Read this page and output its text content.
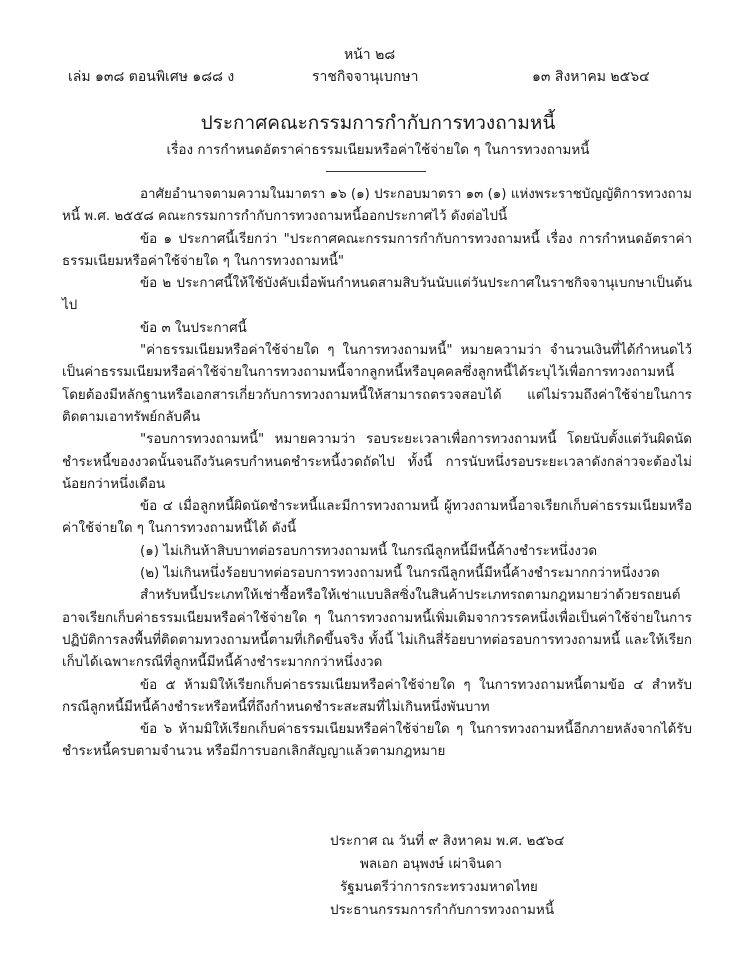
หน้า ๒๘
เล่ม ๑๓๘ ตอนพิเศษ ๑๘๘ ง	ราชกิจจานุเบกษา	๑๓ สิงหาคม ๒๕๖๔
ประกาศคณะกรรมการกำกับการทวงถามหนี้
เรื่อง การกำหนดอัตราค่าธรรมเนียมหรือค่าใช้จ่ายใด ๆ ในการทวงถามหนี้

อาศัยอำนาจตามความในมาตรา ๑๖ (๑) ประกอบมาตรา ๑๓ (๑) แห่งพระราชบัญญัติการทวงถามหนี้ พ.ศ. ๒๕๕๘ คณะกรรมการกำกับการทวงถามหนี้ออกประกาศไว้ ดังต่อไปนี้

ข้อ ๑ ประกาศนี้เรียกว่า "ประกาศคณะกรรมการกำกับการทวงถามหนี้ เรื่อง การกำหนดอัตราค่าธรรมเนียมหรือค่าใช้จ่ายใด ๆ ในการทวงถามหนี้"

ข้อ ๒ ประกาศนี้ให้ใช้บังคับเมื่อพ้นกำหนดสามสิบวันนับแต่วันประกาศในราชกิจจานุเบกษาเป็นต้นไป

ข้อ ๓ ในประกาศนี้

"ค่าธรรมเนียมหรือค่าใช้จ่ายใด ๆ ในการทวงถามหนี้" หมายความว่า จำนวนเงินที่ได้กำหนดไว้เป็นค่าธรรมเนียมหรือค่าใช้จ่ายในการทวงถามหนี้จากลูกหนี้หรือบุคคลซึ่งลูกหนี้ได้ระบุไว้เพื่อการทวงถามหนี้ โดยต้องมีหลักฐานหรือเอกสารเกี่ยวกับการทวงถามหนี้ให้สามารถตรวจสอบได้ แต่ไม่รวมถึงค่าใช้จ่ายในการติดตามเอาทรัพย์กลับคืน

"รอบการทวงถามหนี้" หมายความว่า รอบระยะเวลาเพื่อการทวงถามหนี้ โดยนับตั้งแต่วันผิดนัดชำระหนี้ของงวดนั้นจนถึงวันครบกำหนดชำระหนี้งวดถัดไป ทั้งนี้ การนับหนึ่งรอบระยะเวลาดังกล่าวจะต้องไม่น้อยกว่าหนึ่งเดือน

ข้อ ๔ เมื่อลูกหนี้ผิดนัดชำระหนี้และมีการทวงถามหนี้ ผู้ทวงถามหนี้อาจเรียกเก็บค่าธรรมเนียมหรือค่าใช้จ่ายใด ๆ ในการทวงถามหนี้ได้ ดังนี้

(๑) ไม่เกินห้าสิบบาทต่อรอบการทวงถามหนี้ ในกรณีลูกหนี้มีหนี้ค้างชำระหนึ่งงวด

(๒) ไม่เกินหนึ่งร้อยบาทต่อรอบการทวงถามหนี้ ในกรณีลูกหนี้มีหนี้ค้างชำระมากกว่าหนึ่งงวด

สำหรับหนี้ประเภทให้เช่าซื้อหรือให้เช่าแบบลิสซิ่งในสินค้าประเภทรถตามกฎหมายว่าด้วยรถยนต์ อาจเรียกเก็บค่าธรรมเนียมหรือค่าใช้จ่ายใด ๆ ในการทวงถามหนี้เพิ่มเติมจากวรรคหนึ่งเพื่อเป็นค่าใช้จ่ายในการปฏิบัติการลงพื้นที่ติดตามทวงถามหนี้ตามที่เกิดขึ้นจริง ทั้งนี้ ไม่เกินสี่ร้อยบาทต่อรอบการทวงถามหนี้ และให้เรียกเก็บได้เฉพาะกรณีที่ลูกหนี้มีหนี้ค้างชำระมากกว่าหนึ่งงวด

ข้อ ๕ ห้ามมิให้เรียกเก็บค่าธรรมเนียมหรือค่าใช้จ่ายใด ๆ ในการทวงถามหนี้ตามข้อ ๔ สำหรับกรณีลูกหนี้มีหนี้ค้างชำระหรือหนี้ที่ถึงกำหนดชำระสะสมที่ไม่เกินหนึ่งพันบาท

ข้อ ๖ ห้ามมิให้เรียกเก็บค่าธรรมเนียมหรือค่าใช้จ่ายใด ๆ ในการทวงถามหนี้อีกภายหลังจากได้รับชำระหนี้ครบตามจำนวน หรือมีการบอกเลิกสัญญาแล้วตามกฎหมาย

ประกาศ ณ วันที่ ๙ สิงหาคม พ.ศ. ๒๕๖๔
พลเอก อนุพงษ์ เผ่าจินดา
รัฐมนตรีว่าการกระทรวงมหาดไทย
ประธานกรรมการกำกับการทวงถามหนี้
